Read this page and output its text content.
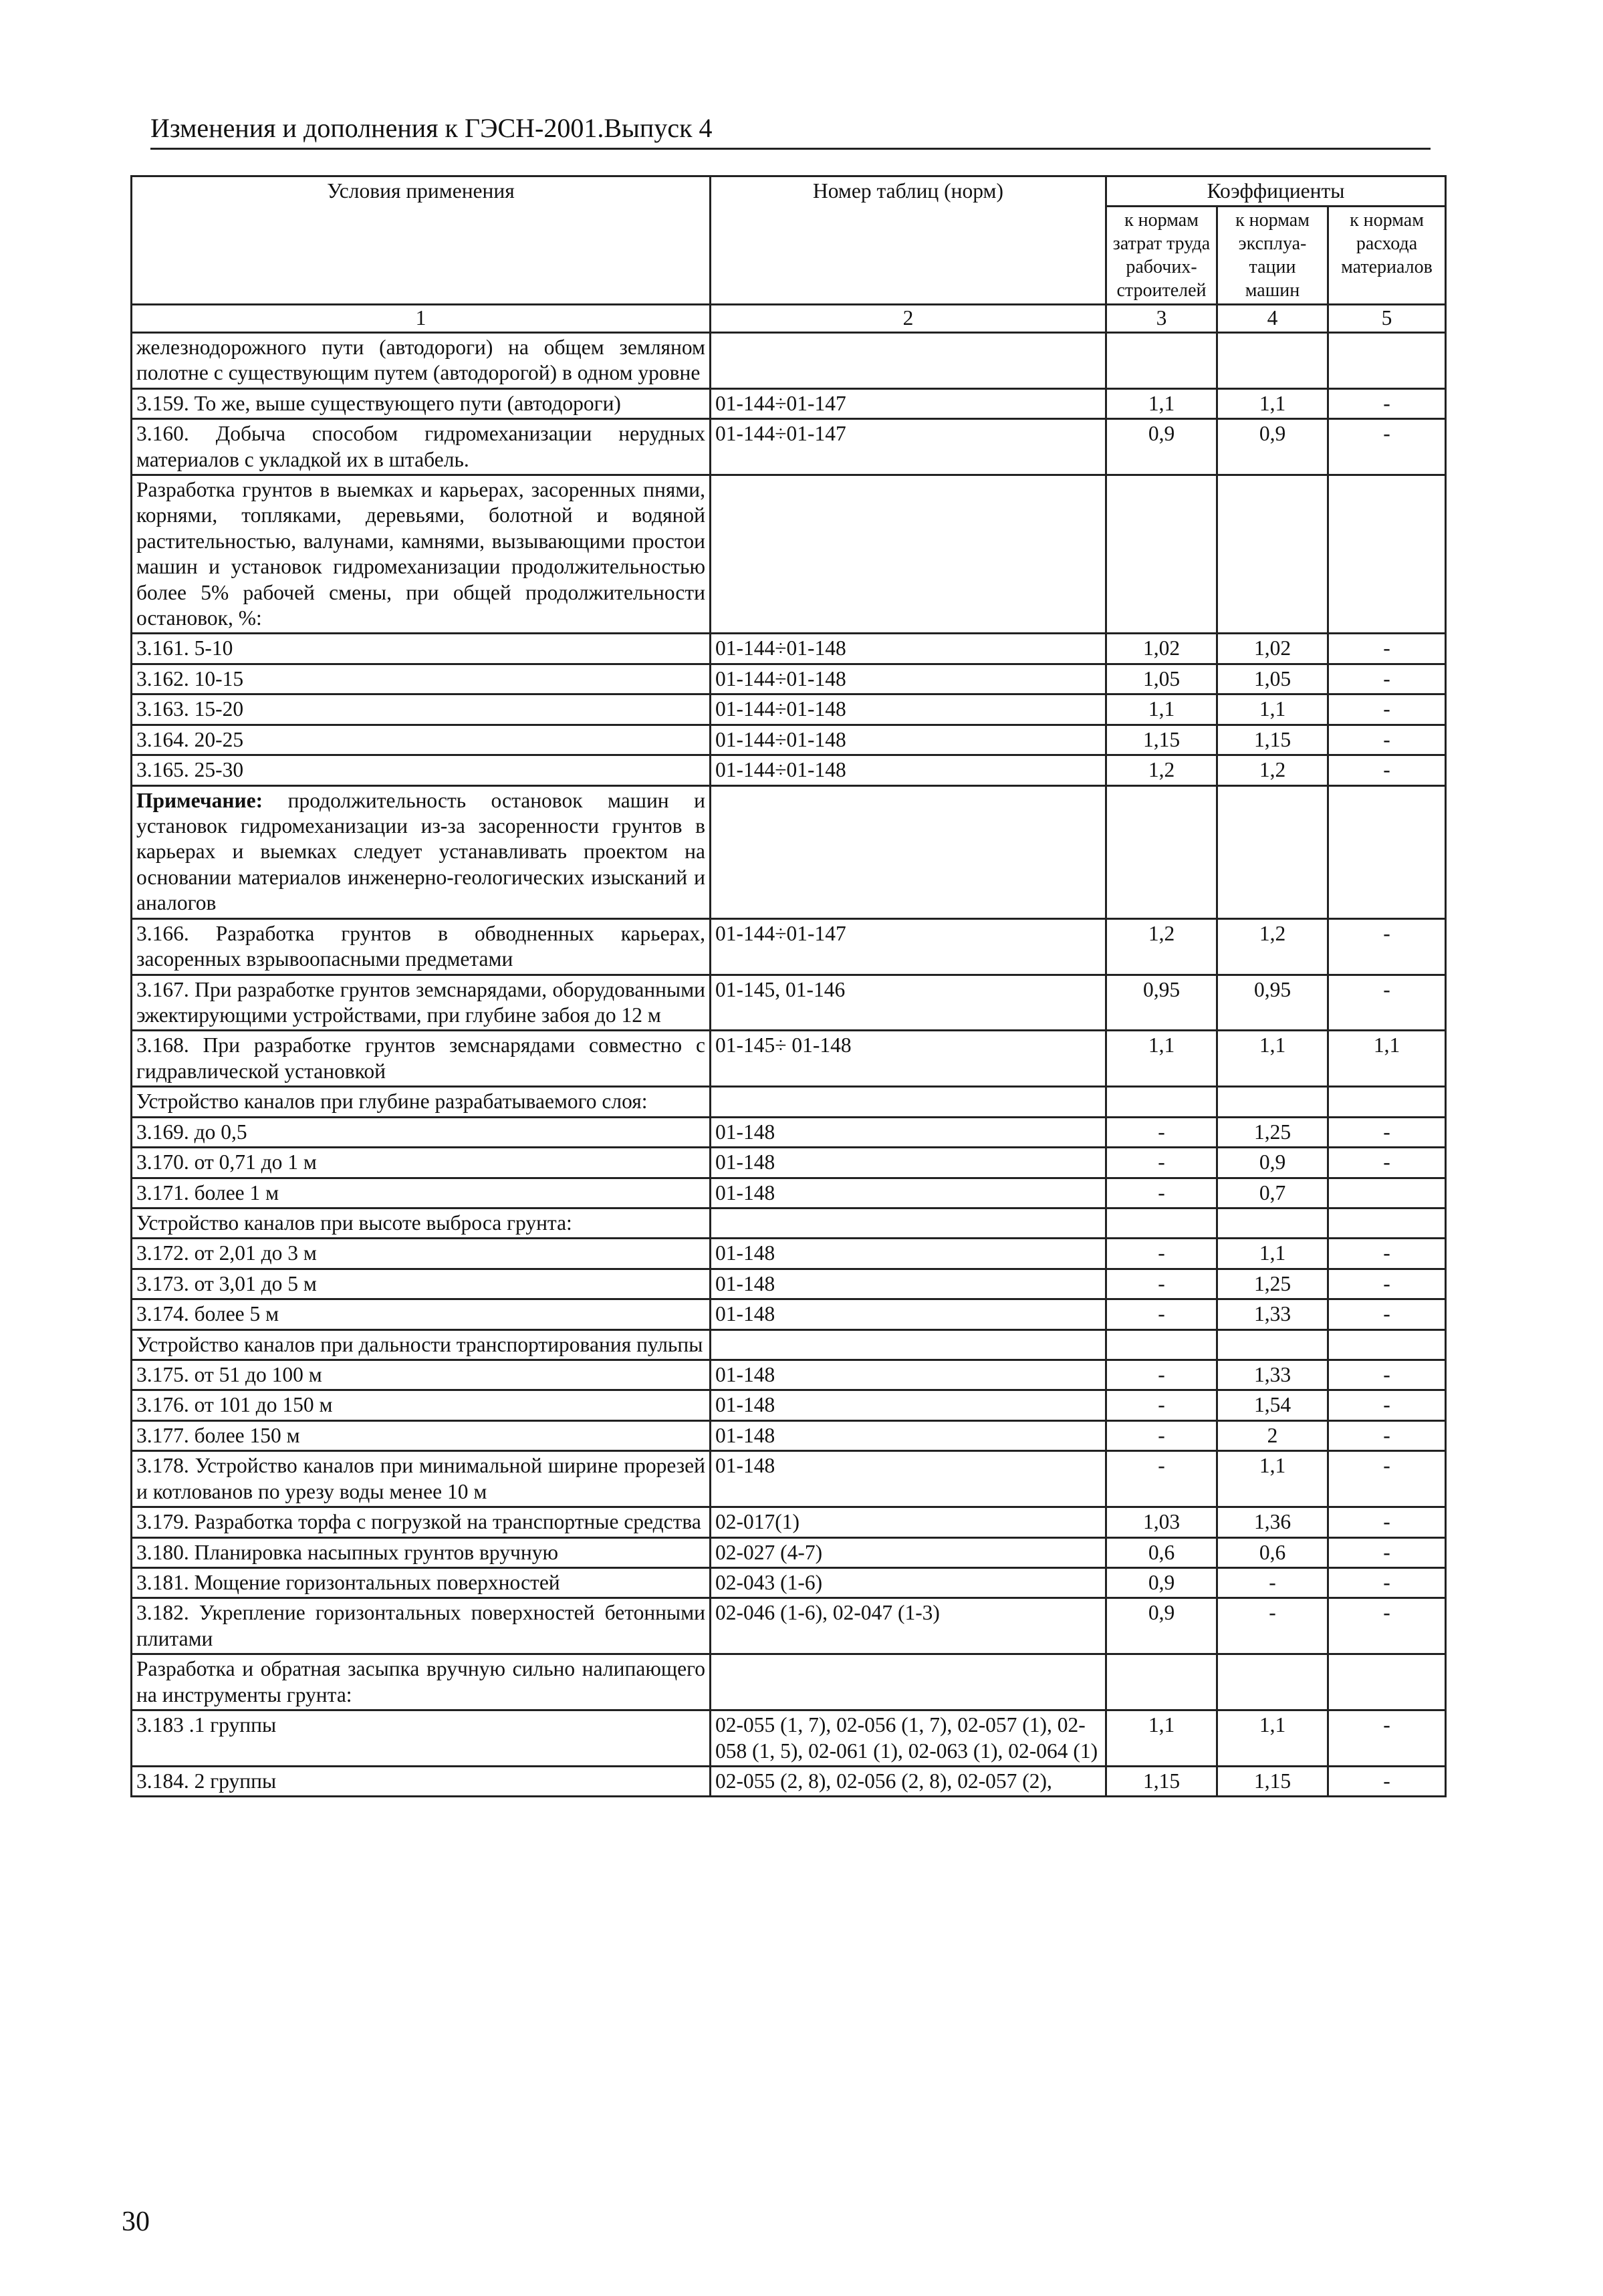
Изменения и дополнения к ГЭСН-2001.Выпуск 4
Условия применения	Номер таблиц (норм)	Коэффициенты		
		к нормам затрат труда рабочих-строителей	к нормам эксплуа-тации машин	к нормам расхода материалов
1	2	3	4	5
железнодорожного пути (автодороги) на общем земляном полотне с существующим путем (автодорогой) в одном уровне				
3.159. То же, выше существующего пути (автодороги)	01-144÷01-147	1,1	1,1	-
3.160. Добыча способом гидромеханизации нерудных материалов с укладкой их в штабель.	01-144÷01-147	0,9	0,9	-
Разработка грунтов в выемках и карьерах, засоренных пнями, корнями, топляками, деревьями, болотной и водяной растительностью, валунами, камнями, вызывающими простои машин и установок гидромеханизации продолжительностью более 5% рабочей смены, при общей продолжительности остановок, %:				
3.161. 5-10	01-144÷01-148	1,02	1,02	-
3.162. 10-15	01-144÷01-148	1,05	1,05	-
3.163. 15-20	01-144÷01-148	1,1	1,1	-
3.164. 20-25	01-144÷01-148	1,15	1,15	-
3.165. 25-30	01-144÷01-148	1,2	1,2	-
Примечание: продолжительность остановок машин и установок гидромеханизации из-за засоренности грунтов в карьерах и выемках следует устанавливать проектом на основании материалов инженерно-геологических изысканий и аналогов				
3.166. Разработка грунтов в обводненных карьерах, засоренных взрывоопасными предметами	01-144÷01-147	1,2	1,2	-
3.167. При разработке грунтов земснарядами, оборудованными эжектирующими устройствами, при глубине забоя до 12 м	01-145, 01-146	0,95	0,95	-
3.168. При разработке грунтов земснарядами совместно с гидравлической установкой	01-145÷ 01-148	1,1	1,1	1,1
Устройство каналов при глубине разрабатываемого слоя:				
3.169. до 0,5	01-148	-	1,25	-
3.170. от 0,71 до 1 м	01-148	-	0,9	-
3.171. более 1 м	01-148	-	0,7	
Устройство каналов при высоте выброса грунта:				
3.172. от 2,01 до 3 м	01-148	-	1,1	-
3.173. от 3,01 до 5 м	01-148	-	1,25	-
3.174. более 5 м	01-148	-	1,33	-
Устройство каналов при дальности транспортирования пульпы				
3.175. от 51 до 100 м	01-148	-	1,33	-
3.176. от 101 до 150 м	01-148	-	1,54	-
3.177. более 150 м	01-148	-	2	-
3.178. Устройство каналов при минимальной ширине прорезей и котлованов по урезу воды менее 10 м	01-148	-	1,1	-
3.179. Разработка торфа с погрузкой на транспортные средства	02-017(1)	1,03	1,36	-
3.180. Планировка насыпных грунтов вручную	02-027 (4-7)	0,6	0,6	-
3.181. Мощение горизонтальных поверхностей	02-043 (1-6)	0,9	-	-
3.182. Укрепление горизонтальных поверхностей бетонными плитами	02-046 (1-6), 02-047 (1-3)	0,9	-	-
Разработка и обратная засыпка вручную сильно налипающего на инструменты грунта:				
3.183 .1 группы	02-055 (1, 7), 02-056 (1, 7), 02-057 (1), 02-058 (1, 5), 02-061 (1), 02-063 (1), 02-064 (1)	1,1	1,1	-
3.184. 2 группы	02-055 (2, 8), 02-056 (2, 8), 02-057 (2),	1,15	1,15	-
30
